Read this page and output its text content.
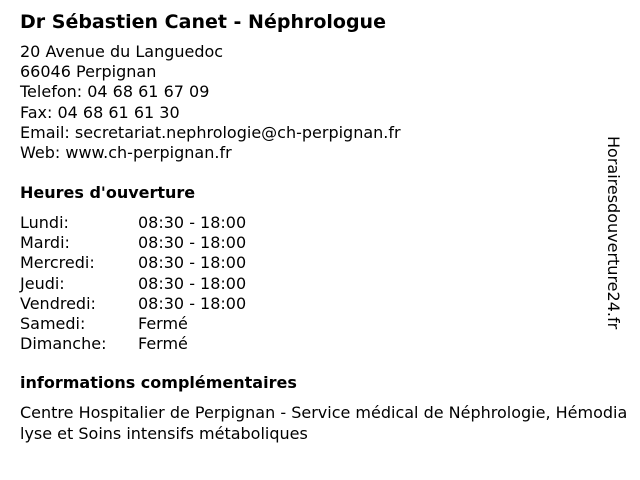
Dr Sébastien Canet - Néphrologue
20 Avenue du Languedoc
66046 Perpignan
Telefon: 04 68 61 67 09
Fax: 04 68 61 61 30
Email: secretariat.nephrologie@ch-perpignan.fr
Web: www.ch-perpignan.fr
Heures d'ouverture
Lundi:	08:30 - 18:00
Mardi:	08:30 - 18:00
Mercredi:	08:30 - 18:00
Jeudi:	08:30 - 18:00
Vendredi:	08:30 - 18:00
Samedi:	Fermé
Dimanche:	Fermé
informations complémentaires
Centre Hospitalier de Perpignan - Service médical de Néphrologie, Hémodialyse et Soins intensifs métaboliques
Horairesdouverture24.fr
